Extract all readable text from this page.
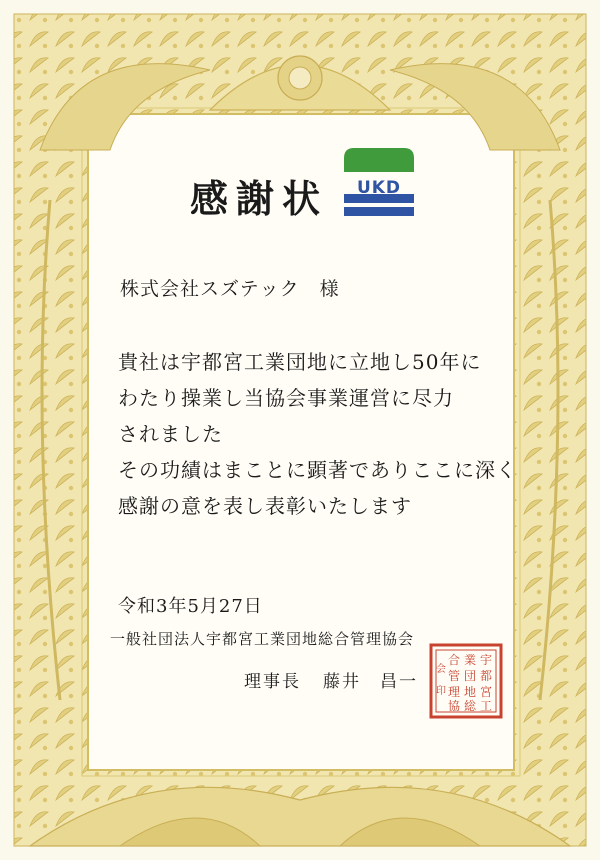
感謝状	UKD
株式会社スズテック　様
貴社は宇都宮工業団地に立地し50年に
わたり操業し当協会事業運営に尽力
されました
その功績はまことに顕著でありここに深く
感謝の意を表し表彰いたします
令和3年5月27日
一般社団法人宇都宮工業団地総合管理協会
理事長 藤井　昌一
宇
都
宮
工
業
団
地
総
合
管
理
協
会
印
